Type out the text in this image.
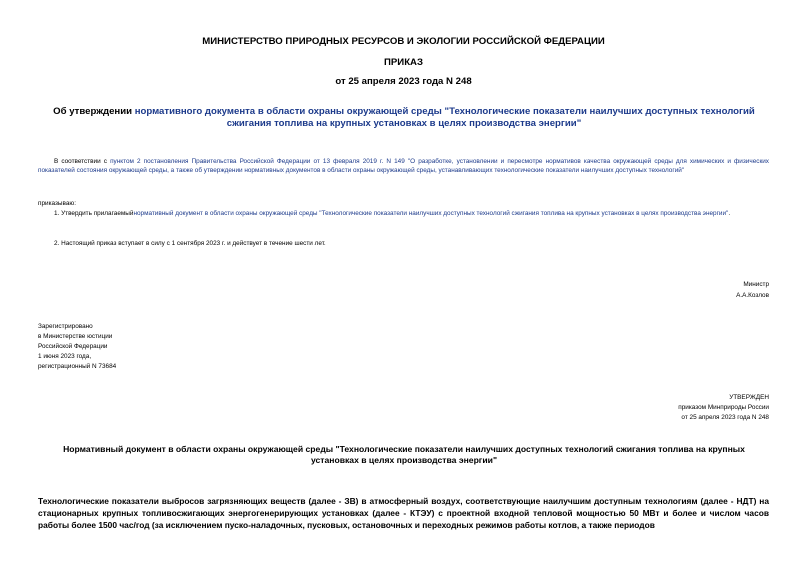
МИНИСТЕРСТВО ПРИРОДНЫХ РЕСУРСОВ И ЭКОЛОГИИ РОССИЙСКОЙ ФЕДЕРАЦИИ
ПРИКАЗ
от 25 апреля 2023 года N 248
Об утверждении нормативного документа в области охраны окружающей среды "Технологические показатели наилучших доступных технологий сжигания топлива на крупных установках в целях производства энергии"
В соответствии с пунктом 2 постановления Правительства Российской Федерации от 13 февраля 2019 г. N 149 "О разработке, установлении и пересмотре нормативов качества окружающей среды для химических и физических показателей состояния окружающей среды, а также об утверждении нормативных документов в области охраны окружающей среды, устанавливающих технологические показатели наилучших доступных технологий"
приказываю:
1. Утвердить прилагаемыйнормативный документ в области охраны окружающей среды "Технологические показатели наилучших доступных технологий сжигания топлива на крупных установках в целях производства энергии".
2. Настоящий приказ вступает в силу с 1 сентября 2023 г. и действует в течение шести лет.
Министр
А.А.Козлов
Зарегистрировано
в Министерстве юстиции
Российской Федерации
1 июня 2023 года,
регистрационный N 73684
УТВЕРЖДЕН
приказом Минприроды России
от 25 апреля 2023 года N 248
Нормативный документ в области охраны окружающей среды "Технологические показатели наилучших доступных технологий сжигания топлива на крупных установках в целях производства энергии"
Технологические показатели выбросов загрязняющих веществ (далее - ЗВ) в атмосферный воздух, соответствующие наилучшим доступным технологиям (далее - НДТ) на стационарных крупных топливосжигающих энергогенерирующих установках (далее - КТЭУ) с проектной входной тепловой мощностью 50 МВт и более и числом часов работы более 1500 час/год (за исключением пуско-наладочных, пусковых, остановочных и переходных режимов работы котлов, а также периодов
